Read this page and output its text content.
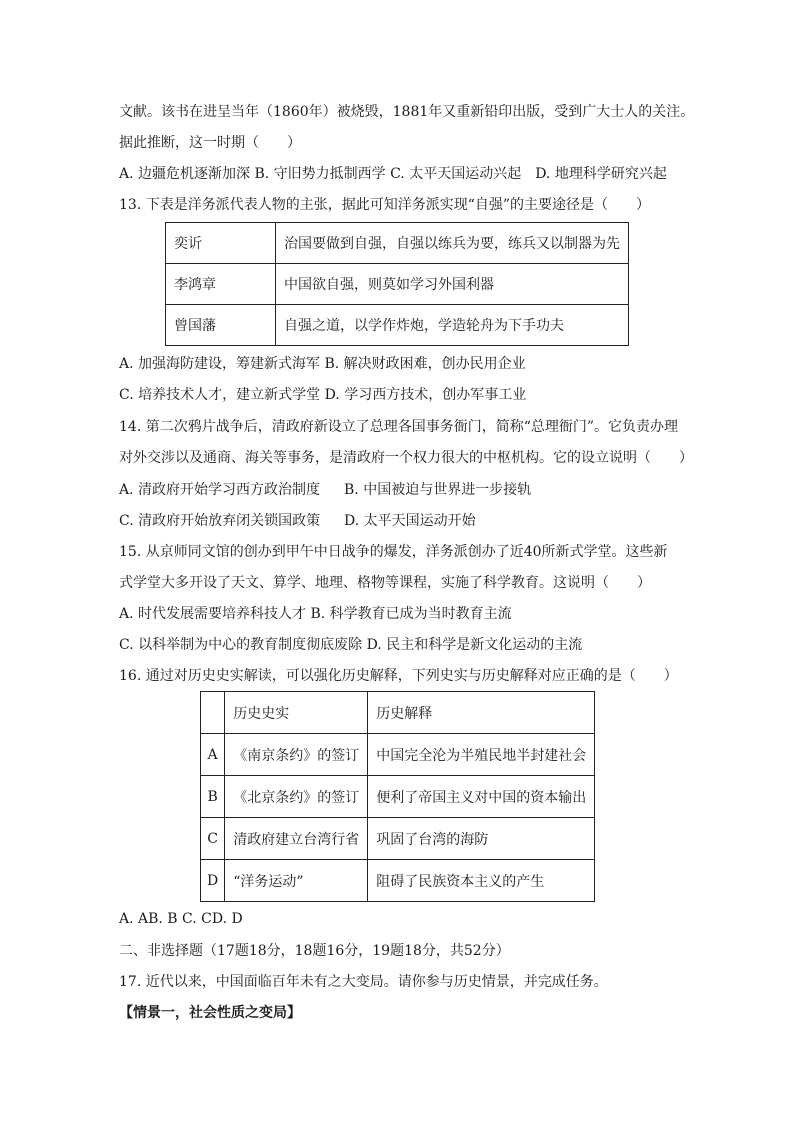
文献。该书在进呈当年（1860年）被烧毁，1881年又重新铅印出版，受到广大士人的关注。
据此推断，这一时期（　　）
A. 边疆危机逐渐加深 B. 守旧势力抵制西学 C. 太平天国运动兴起　D. 地理科学研究兴起
13. 下表是洋务派代表人物的主张，据此可知洋务派实现“自强”的主要途径是（　　）
奕䜣	治国要做到自强，自强以练兵为要，练兵又以制器为先
李鸿章	中国欲自强，则莫如学习外国利器
曾国藩	自强之道，以学作炸炮，学造轮舟为下手功夫
A. 加强海防建设，筹建新式海军 B. 解决财政困难，创办民用企业
C. 培养技术人才，建立新式学堂 D. 学习西方技术，创办军事工业
14. 第二次鸦片战争后，清政府新设立了总理各国事务衙门，简称“总理衙门”。它负责办理
对外交涉以及通商、海关等事务，是清政府一个权力很大的中枢机构。它的设立说明（　　）
A. 清政府开始学习西方政治制度 B. 中国被迫与世界进一步接轨
C. 清政府开始放弃闭关锁国政策 D. 太平天国运动开始
15. 从京师同文馆的创办到甲午中日战争的爆发，洋务派创办了近40所新式学堂。这些新
式学堂大多开设了天文、算学、地理、格物等课程，实施了科学教育。这说明（　　）
A. 时代发展需要培养科技人才 B. 科学教育已成为当时教育主流
C. 以科举制为中心的教育制度彻底废除 D. 民主和科学是新文化运动的主流
16. 通过对历史史实解读，可以强化历史解释，下列史实与历史解释对应正确的是（　　）
	历史史实	历史解释
A	《南京条约》的签订	中国完全沦为半殖民地半封建社会
B	《北京条约》的签订	便利了帝国主义对中国的资本输出
C	清政府建立台湾行省	巩固了台湾的海防
D	“洋务运动”	阻碍了民族资本主义的产生
A. AB. B C. CD. D
二、非选择题（17题18分，18题16分，19题18分，共52分）
17. 近代以来，中国面临百年未有之大变局。请你参与历史情景，并完成任务。
【情景一，社会性质之变局】
